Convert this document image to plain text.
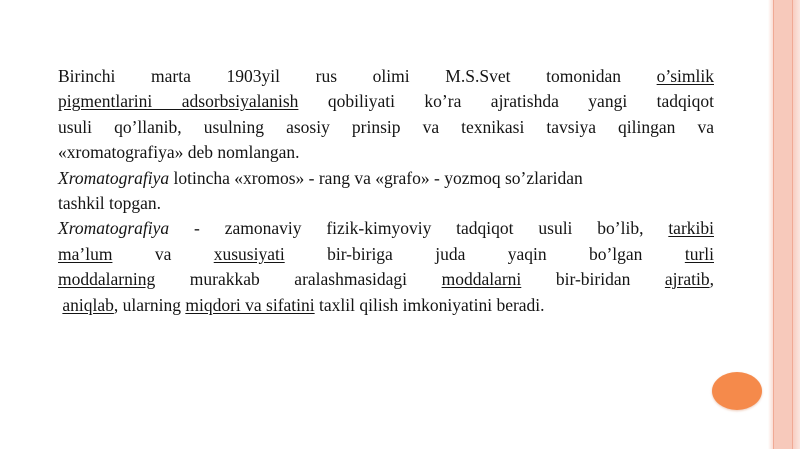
Birinchi marta 1903yil rus olimi M.S.Svet tomonidan o’simlik
pigmentlarini adsorbsiyalanish qobiliyati ko’ra ajratishda yangi tadqiqot
usuli qo’llanib, usulning asosiy prinsip va texnikasi tavsiya qilingan va
«xromatografiya» deb nomlangan.
Xromatografiya lotincha «xromos» - rang va «grafo» - yozmoq so’zlaridan
tashkil topgan.
Xromatografiya - zamonaviy fizik-kimyoviy tadqiqot usuli bo’lib, tarkibi
ma’lum va xususiyati bir-biriga juda yaqin bo’lgan turli
moddalarning murakkab aralashmasidagi moddalarni bir-biridan ajratib,
aniqlab, ularning miqdori va sifatini taxlil qilish imkoniyatini beradi.
